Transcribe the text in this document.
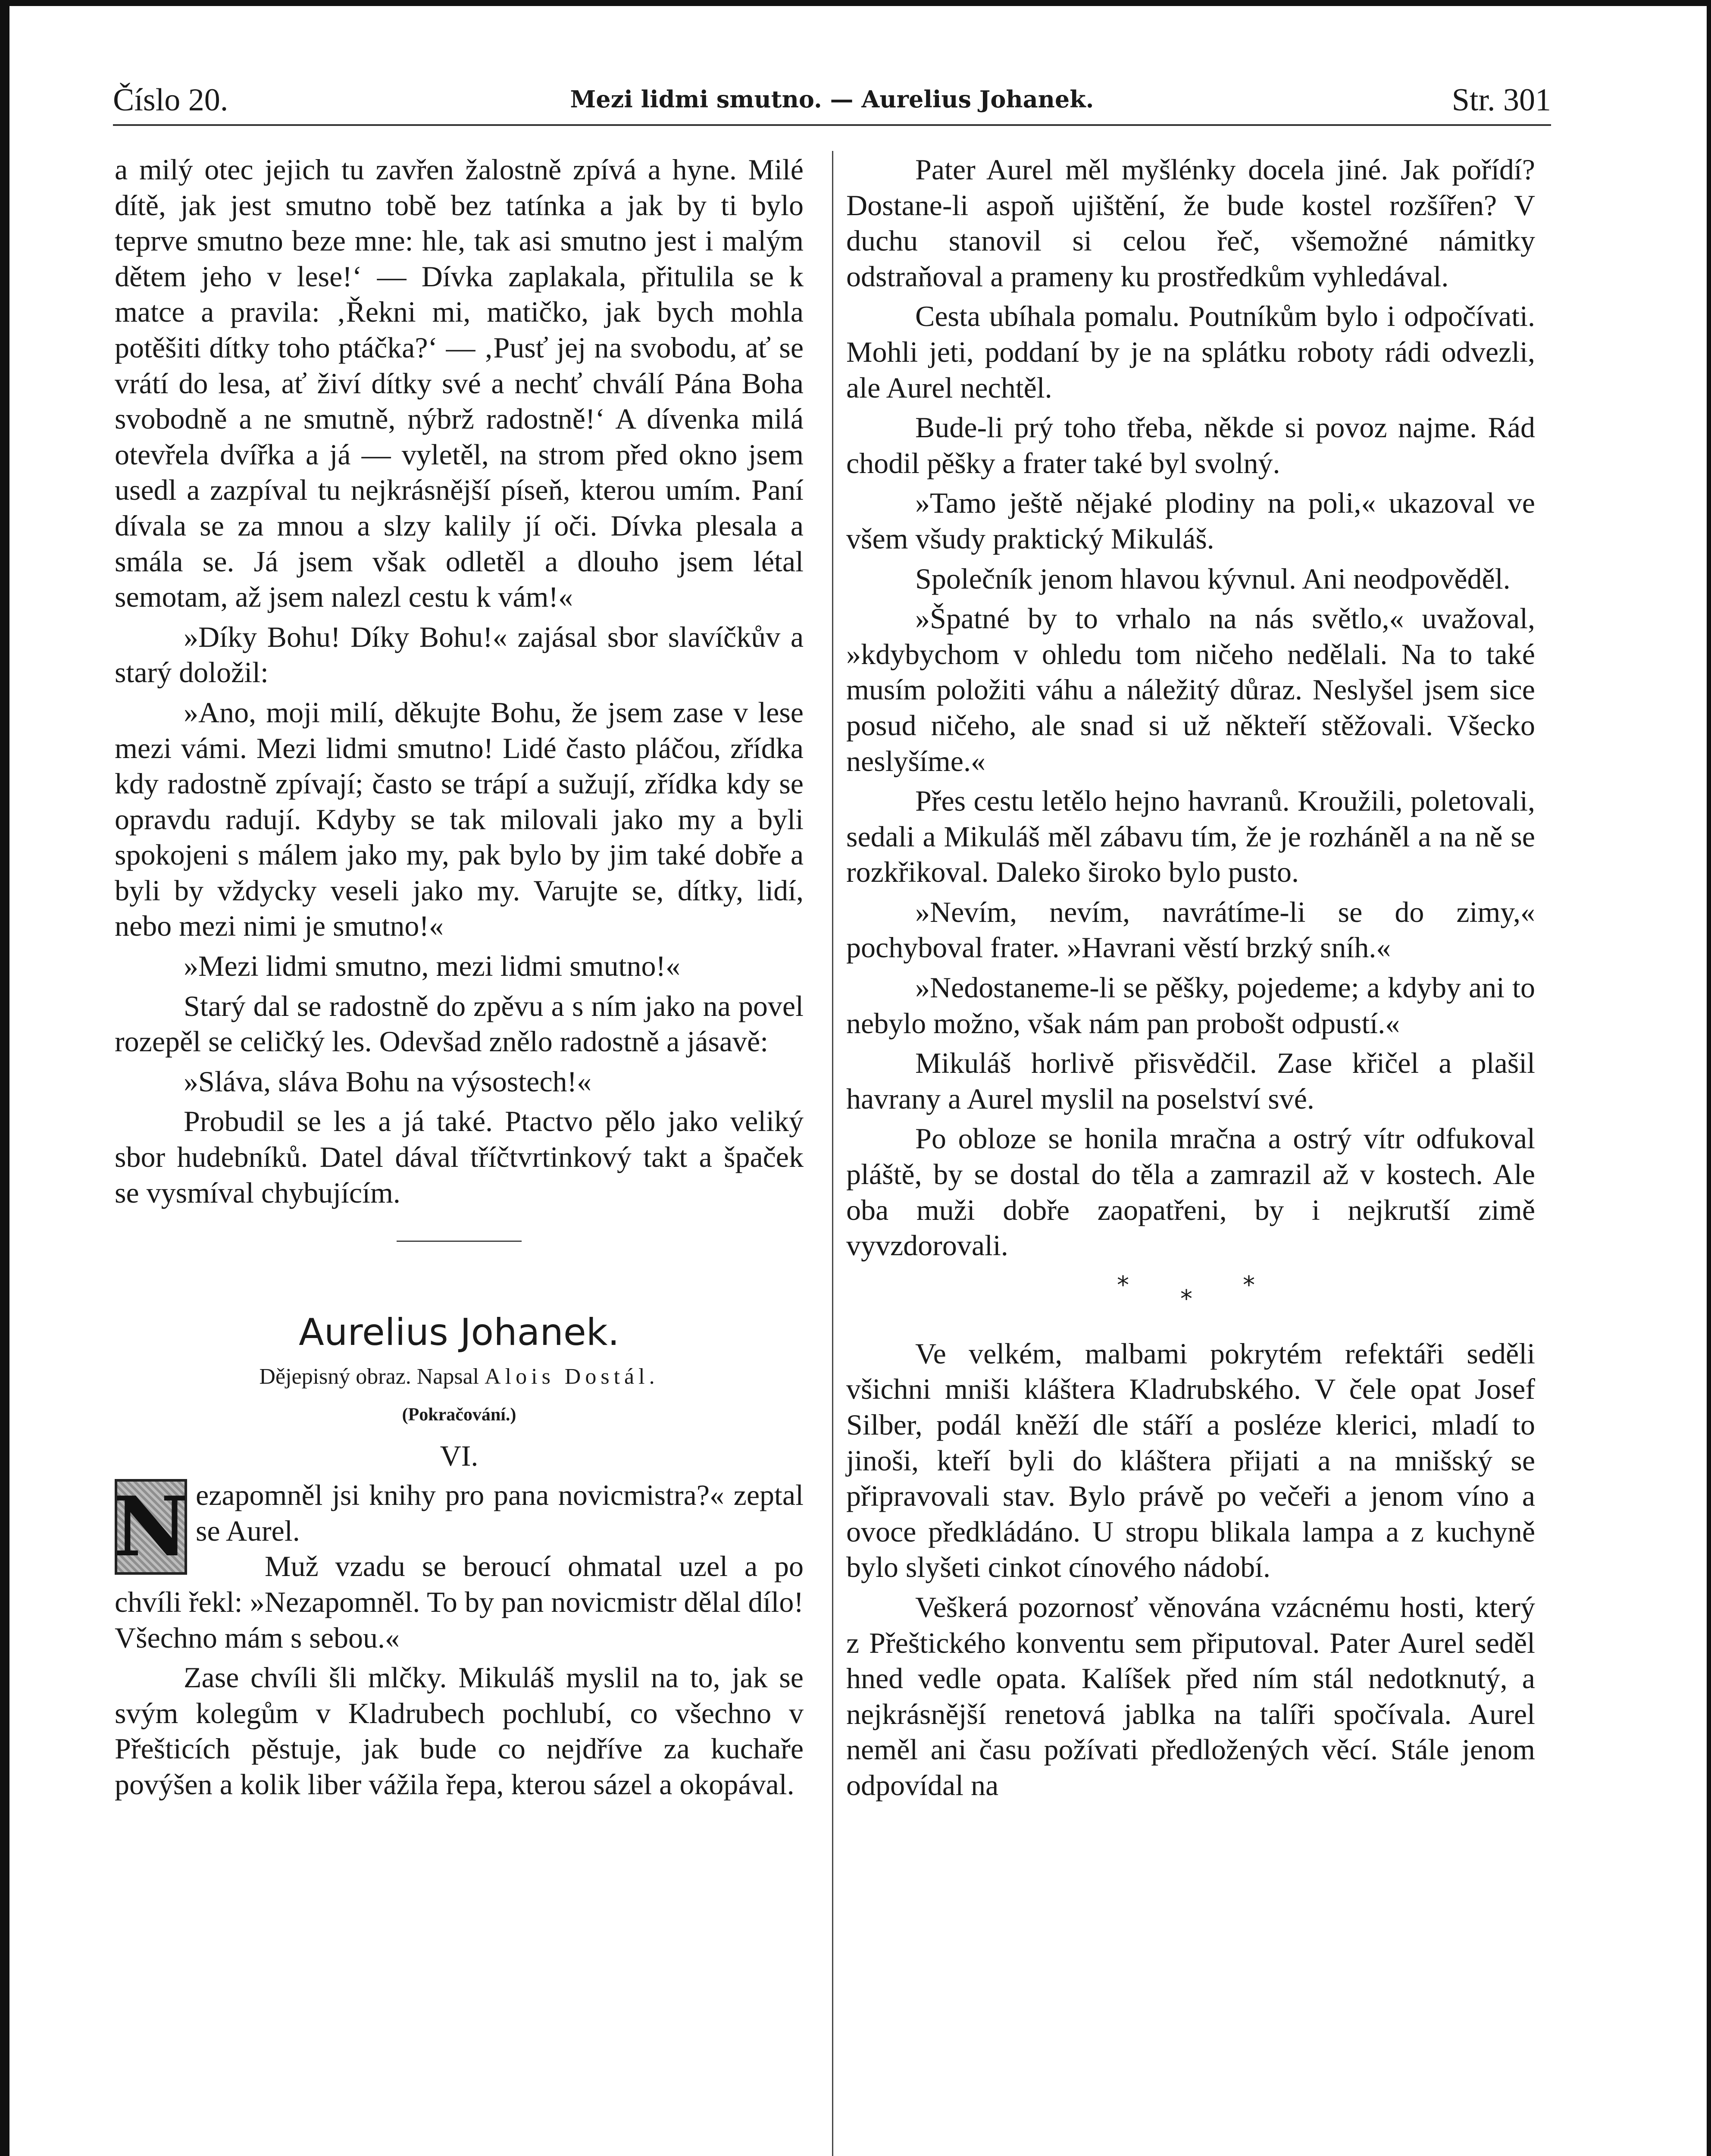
Číslo 20.	Mezi lidmi smutno. — Aurelius Johanek.	Str. 301

a milý otec jejich tu zavřen žalostně zpívá a hyne. Milé dítě, jak jest smutno tobě bez tatínka a jak by ti bylo teprve smutno beze mne: hle, tak asi smutno jest i malým dětem jeho v lese!‘ — Dívka zaplakala, přitulila se k matce a pravila: ‚Řekni mi, matičko, jak bych mohla potěšiti dítky toho ptáčka?‘ — ‚Pusť jej na svobodu, ať se vrátí do lesa, ať živí dítky své a nechť chválí Pána Boha svobodně a ne smutně, nýbrž radostně!‘ A dívenka milá otevřela dvířka a já — vyletěl, na strom před okno jsem usedl a zazpíval tu nejkrásnější píseň, kterou umím. Paní dívala se za mnou a slzy kalily jí oči. Dívka plesala a smála se. Já jsem však odletěl a dlouho jsem létal semotam, až jsem nalezl cestu k vám!«

»Díky Bohu! Díky Bohu!« zajásal sbor slavíčkův a starý doložil:

»Ano, moji milí, děkujte Bohu, že jsem zase v lese mezi vámi. Mezi lidmi smutno! Lidé často pláčou, zřídka kdy radostně zpívají; často se trápí a sužují, zřídka kdy se opravdu radují. Kdyby se tak milovali jako my a byli spokojeni s málem jako my, pak bylo by jim také dobře a byli by vždycky veseli jako my. Varujte se, dítky, lidí, nebo mezi nimi je smutno!«

»Mezi lidmi smutno, mezi lidmi smutno!«

Starý dal se radostně do zpěvu a s ním jako na povel rozepěl se celičký les. Odevšad znělo radostně a jásavě:

»Sláva, sláva Bohu na výsostech!«

Probudil se les a já také. Ptactvo pělo jako veliký sbor hudebníků. Datel dával tříčtvrtinkový takt a špaček se vysmíval chybujícím.

Aurelius Johanek.

Dějepisný obraz. Napsal Alois Dostál.

(Pokračování.)

VI.

N ezapomněl jsi knihy pro pana novicmistra?« zeptal se Aurel.

Muž vzadu se beroucí ohmatal uzel a po chvíli řekl: »Nezapomněl. To by pan novicmistr dělal dílo! Všechno mám s sebou.«

Zase chvíli šli mlčky. Mikuláš myslil na to, jak se svým kolegům v Kladrubech pochlubí, co všechno v Přešticích pěstuje, jak bude co nejdříve za kuchaře povýšen a kolik liber vážila řepa, kterou sázel a okopával.

Pater Aurel měl myšlénky docela jiné. Jak pořídí? Dostane-li aspoň ujištění, že bude kostel rozšířen? V duchu stanovil si celou řeč, všemožné námitky odstraňoval a prameny ku prostředkům vyhledával.

Cesta ubíhala pomalu. Poutníkům bylo i odpočívati. Mohli jeti, poddaní by je na splátku roboty rádi odvezli, ale Aurel nechtěl.

Bude-li prý toho třeba, někde si povoz najme. Rád chodil pěšky a frater také byl svolný.

»Tamo ještě nějaké plodiny na poli,« ukazoval ve všem všudy praktický Mikuláš.

Společník jenom hlavou kývnul. Ani neodpověděl.

»Špatné by to vrhalo na nás světlo,« uvažoval, »kdybychom v ohledu tom ničeho nedělali. Na to také musím položiti váhu a náležitý důraz. Neslyšel jsem sice posud ničeho, ale snad si už někteří stěžovali. Všecko neslyšíme.«

Přes cestu letělo hejno havranů. Kroužili, poletovali, sedali a Mikuláš měl zábavu tím, že je rozháněl a na ně se rozkřikoval. Daleko široko bylo pusto.

»Nevím, nevím, navrátíme-li se do zimy,« pochyboval frater. »Havrani věstí brzký sníh.«

»Nedostaneme-li se pěšky, pojedeme; a kdyby ani to nebylo možno, však nám pan probošt odpustí.«

Mikuláš horlivě přisvědčil. Zase křičel a plašil havrany a Aurel myslil na poselství své.

Po obloze se honila mračna a ostrý vítr odfukoval pláště, by se dostal do těla a zamrazil až v kostech. Ale oba muži dobře zaopatřeni, by i nejkrutší zimě vyvzdorovali.

* * *

Ve velkém, malbami pokrytém refektáři seděli všichni mniši kláštera Kladrubského. V čele opat Josef Silber, podál kněží dle stáří a posléze klerici, mladí to jinoši, kteří byli do kláštera přijati a na mnišský se připravovali stav. Bylo právě po večeři a jenom víno a ovoce předkládáno. U stropu blikala lampa a z kuchyně bylo slyšeti cinkot cínového nádobí.

Veškerá pozornosť věnována vzácnému hosti, který z Přeštického konventu sem připutoval. Pater Aurel seděl hned vedle opata. Kalíšek před ním stál nedotknutý, a nejkrásnější renetová jablka na talíři spočívala. Aurel neměl ani času požívati předložených věcí. Stále jenom odpovídal na
